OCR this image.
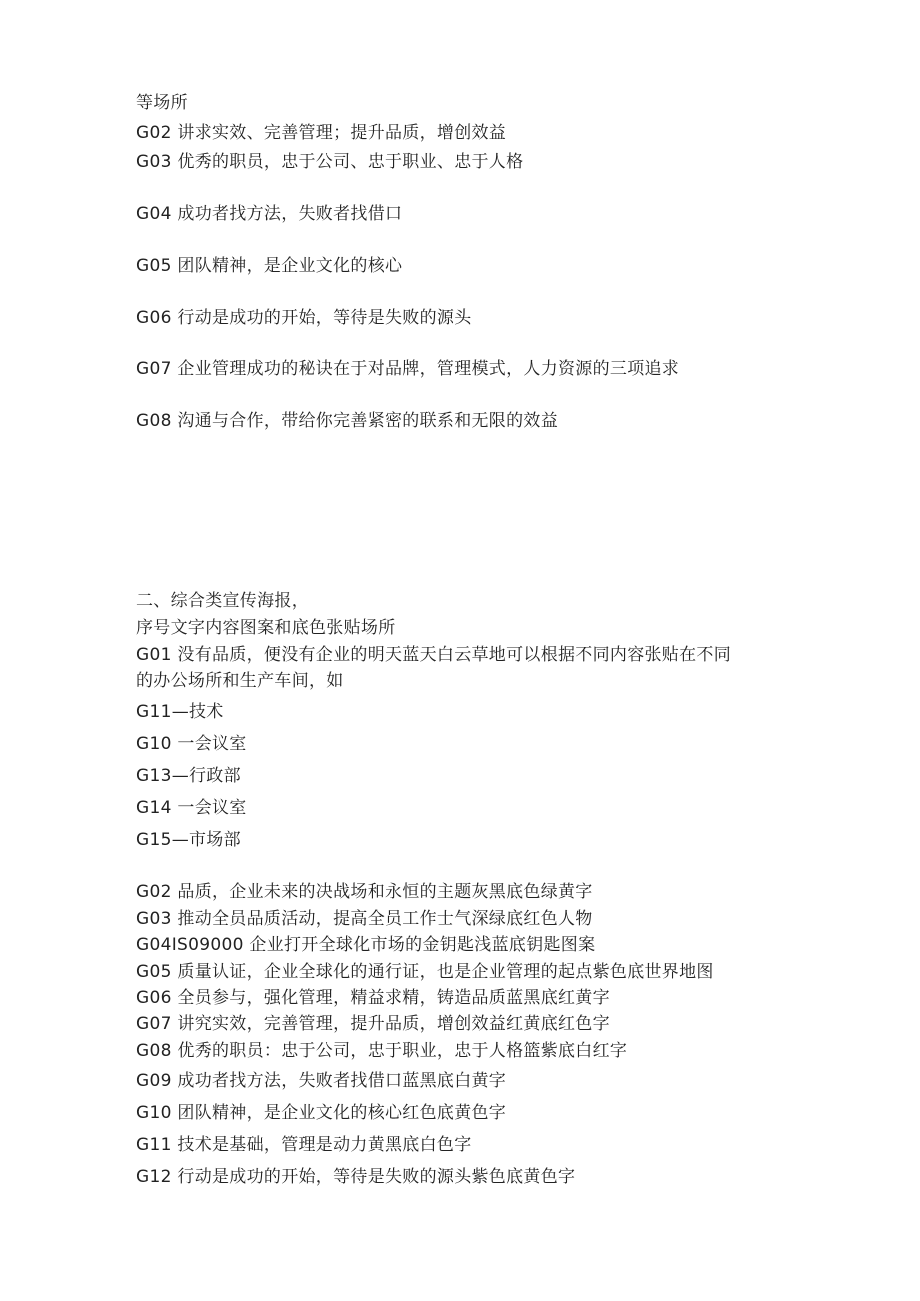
等场所
G02 讲求实效、完善管理；提升品质，增创效益
G03 优秀的职员，忠于公司、忠于职业、忠于人格
G04 成功者找方法，失败者找借口
G05 团队精神，是企业文化的核心
G06 行动是成功的开始，等待是失败的源头
G07 企业管理成功的秘诀在于对品牌，管理模式，人力资源的三项追求
G08 沟通与合作，带给你完善紧密的联系和无限的效益
二、综合类宣传海报，
序号文字内容图案和底色张贴场所
G01 没有品质，便没有企业的明天蓝天白云草地可以根据不同内容张贴在不同
的办公场所和生产车间，如
G11—技术
G10 一会议室
G13—行政部
G14 一会议室
G15—市场部
G02 品质，企业未来的决战场和永恒的主题灰黑底色绿黄字
G03 推动全员品质活动，提高全员工作士气深绿底红色人物
G04IS09000 企业打开全球化市场的金钥匙浅蓝底钥匙图案
G05 质量认证，企业全球化的通行证，也是企业管理的起点紫色底世界地图
G06 全员参与，强化管理，精益求精，铸造品质蓝黑底红黄字
G07 讲究实效，完善管理，提升品质，增创效益红黄底红色字
G08 优秀的职员：忠于公司，忠于职业，忠于人格篮紫底白红字
G09 成功者找方法，失败者找借口蓝黑底白黄字
G10 团队精神，是企业文化的核心红色底黄色字
G11 技术是基础，管理是动力黄黑底白色字
G12 行动是成功的开始，等待是失败的源头紫色底黄色字
